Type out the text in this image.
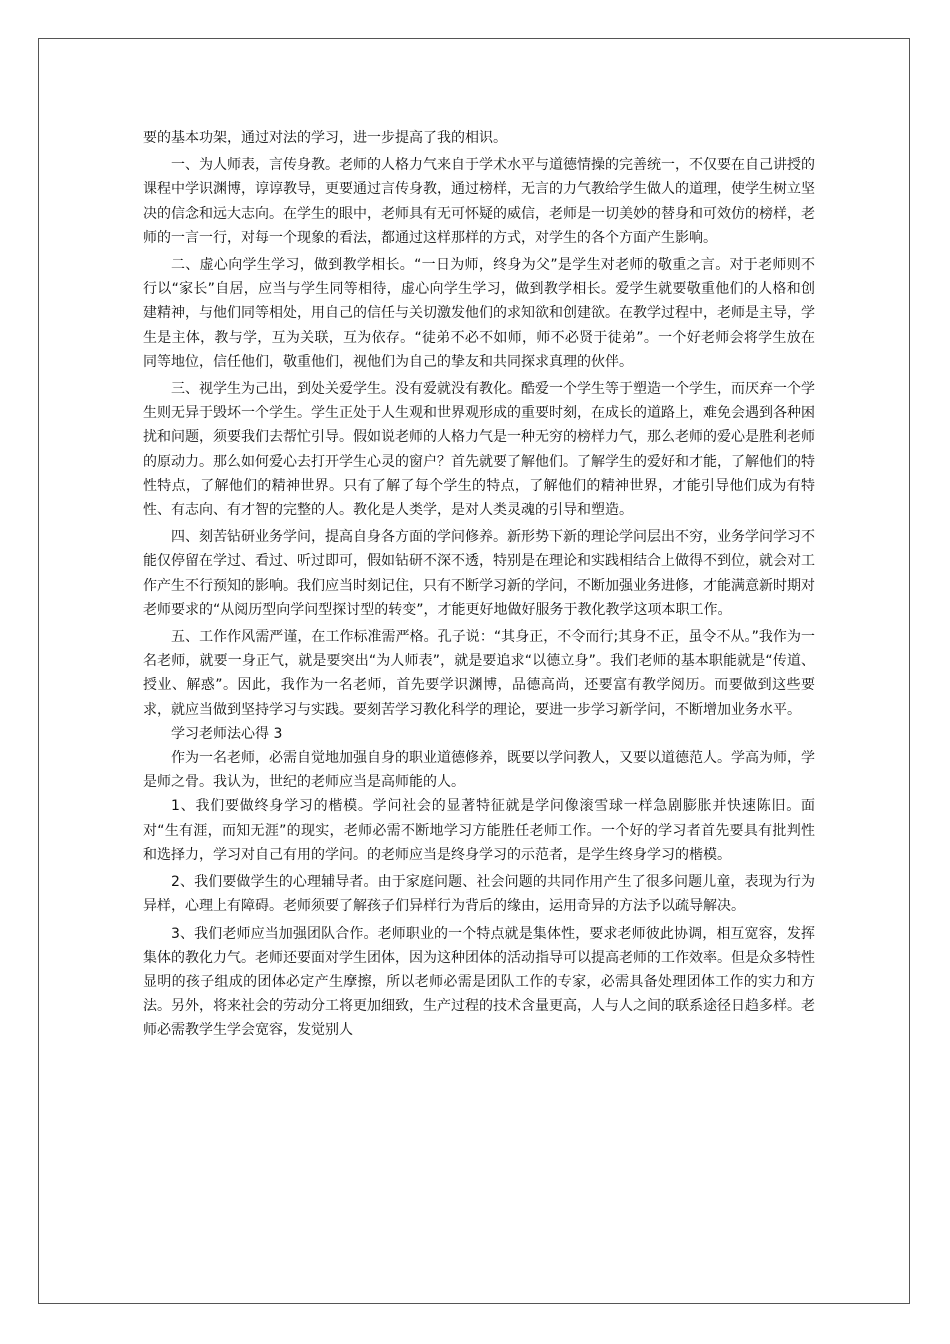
要的基本功架，通过对法的学习，进一步提高了我的相识。

一、为人师表，言传身教。老师的人格力气来自于学术水平与道德情操的完善统一，不仅要在自己讲授的课程中学识渊博，谆谆教导，更要通过言传身教，通过榜样，无言的力气教给学生做人的道理，使学生树立坚决的信念和远大志向。在学生的眼中，老师具有无可怀疑的威信，老师是一切美妙的替身和可效仿的榜样，老师的一言一行，对每一个现象的看法，都通过这样那样的方式，对学生的各个方面产生影响。

二、虚心向学生学习，做到教学相长。“一日为师，终身为父”是学生对老师的敬重之言。对于老师则不行以“家长”自居，应当与学生同等相待，虚心向学生学习，做到教学相长。爱学生就要敬重他们的人格和创建精神，与他们同等相处，用自己的信任与关切激发他们的求知欲和创建欲。在教学过程中，老师是主导，学生是主体，教与学，互为关联，互为依存。“徒弟不必不如师，师不必贤于徒弟”。一个好老师会将学生放在同等地位，信任他们，敬重他们，视他们为自己的挚友和共同探求真理的伙伴。

三、视学生为己出，到处关爱学生。没有爱就没有教化。酷爱一个学生等于塑造一个学生，而厌弃一个学生则无异于毁坏一个学生。学生正处于人生观和世界观形成的重要时刻，在成长的道路上，难免会遇到各种困扰和问题，须要我们去帮忙引导。假如说老师的人格力气是一种无穷的榜样力气，那么老师的爱心是胜利老师的原动力。那么如何爱心去打开学生心灵的窗户？首先就要了解他们。了解学生的爱好和才能，了解他们的特性特点，了解他们的精神世界。只有了解了每个学生的特点，了解他们的精神世界，才能引导他们成为有特性、有志向、有才智的完整的人。教化是人类学，是对人类灵魂的引导和塑造。

四、刻苦钻研业务学问，提高自身各方面的学问修养。新形势下新的理论学问层出不穷，业务学问学习不能仅停留在学过、看过、听过即可，假如钻研不深不透，特别是在理论和实践相结合上做得不到位，就会对工作产生不行预知的影响。我们应当时刻记住，只有不断学习新的学问，不断加强业务进修，才能满意新时期对老师要求的“从阅历型向学问型探讨型的转变”，才能更好地做好服务于教化教学这项本职工作。

五、工作作风需严谨，在工作标准需严格。孔子说：“其身正，不令而行;其身不正，虽令不从。”我作为一名老师，就要一身正气，就是要突出“为人师表”，就是要追求“以德立身”。我们老师的基本职能就是“传道、授业、解惑”。因此，我作为一名老师，首先要学识渊博，品德高尚，还要富有教学阅历。而要做到这些要求，就应当做到坚持学习与实践。要刻苦学习教化科学的理论，要进一步学习新学问，不断增加业务水平。

学习老师法心得 3

作为一名老师，必需自觉地加强自身的职业道德修养，既要以学问教人，又要以道德范人。学高为师，学是师之骨。我认为，世纪的老师应当是高师能的人。

1、我们要做终身学习的楷模。学问社会的显著特征就是学问像滚雪球一样急剧膨胀并快速陈旧。面对“生有涯，而知无涯”的现实，老师必需不断地学习方能胜任老师工作。一个好的学习者首先要具有批判性和选择力，学习对自己有用的学问。的老师应当是终身学习的示范者，是学生终身学习的楷模。

2、我们要做学生的心理辅导者。由于家庭问题、社会问题的共同作用产生了很多问题儿童，表现为行为异样，心理上有障碍。老师须要了解孩子们异样行为背后的缘由，运用奇异的方法予以疏导解决。

3、我们老师应当加强团队合作。老师职业的一个特点就是集体性，要求老师彼此协调，相互宽容，发挥集体的教化力气。老师还要面对学生团体，因为这种团体的活动指导可以提高老师的工作效率。但是众多特性显明的孩子组成的团体必定产生摩擦，所以老师必需是团队工作的专家，必需具备处理团体工作的实力和方法。另外，将来社会的劳动分工将更加细致，生产过程的技术含量更高，人与人之间的联系途径日趋多样。老师必需教学生学会宽容，发觉别人
